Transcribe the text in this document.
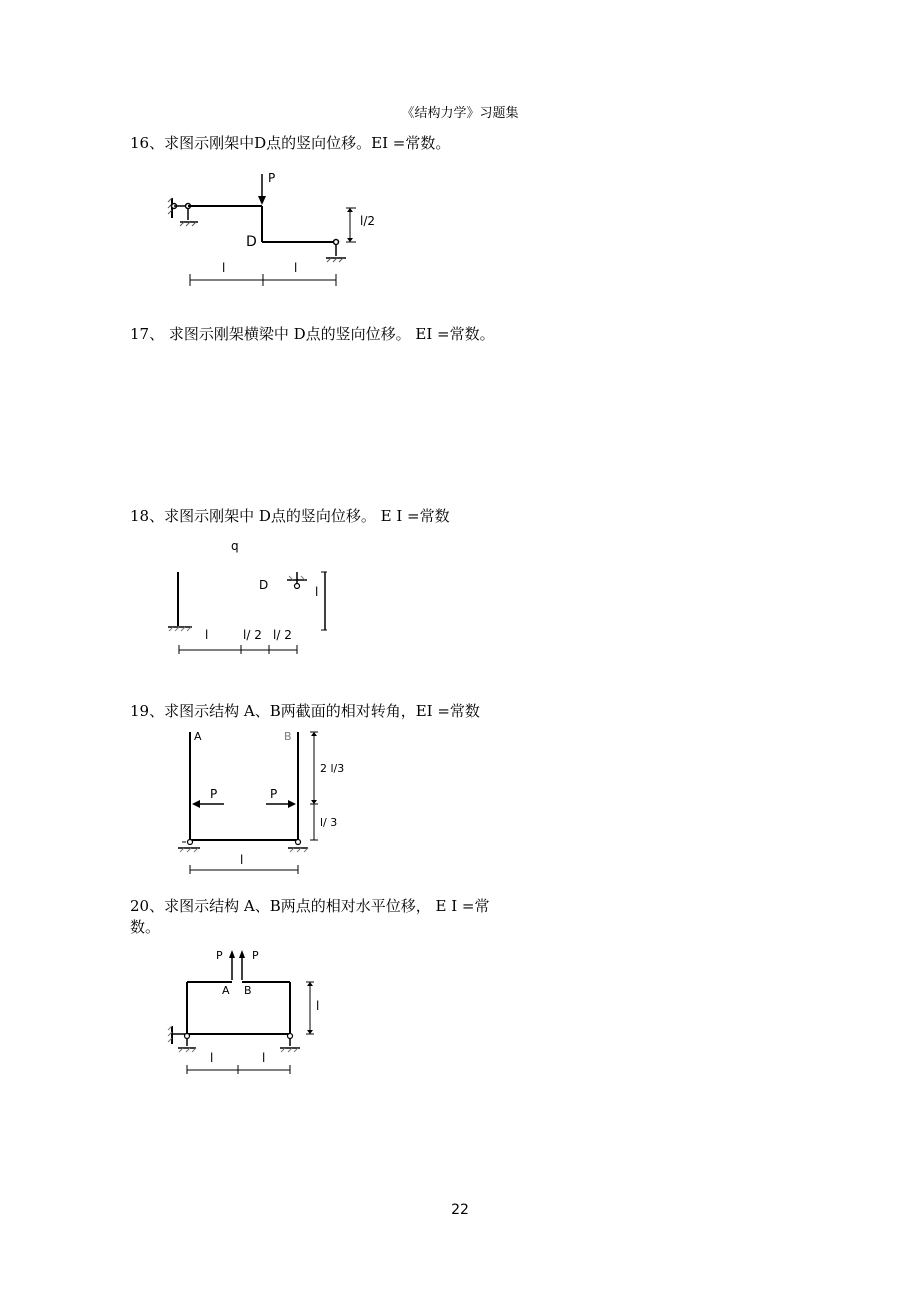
《结构力学》习题集
16、求图示刚架中D点的竖向位移。EI =常数。
P
D
l/2
l	l
17、 求图示刚架横梁中 D点的竖向位移。 EI =常数。
18、求图示刚架中 D点的竖向位移。 E I =常数
q
D	l
l	l/ 2 l/ 2
19、求图示结构 A、B两截面的相对转角，EI =常数
A	B
P	P
2 l/3
l/ 3
l
20、求图示结构 A、B两点的相对水平位移， E I =常
数。
P	P
A B
l
l	l
22
